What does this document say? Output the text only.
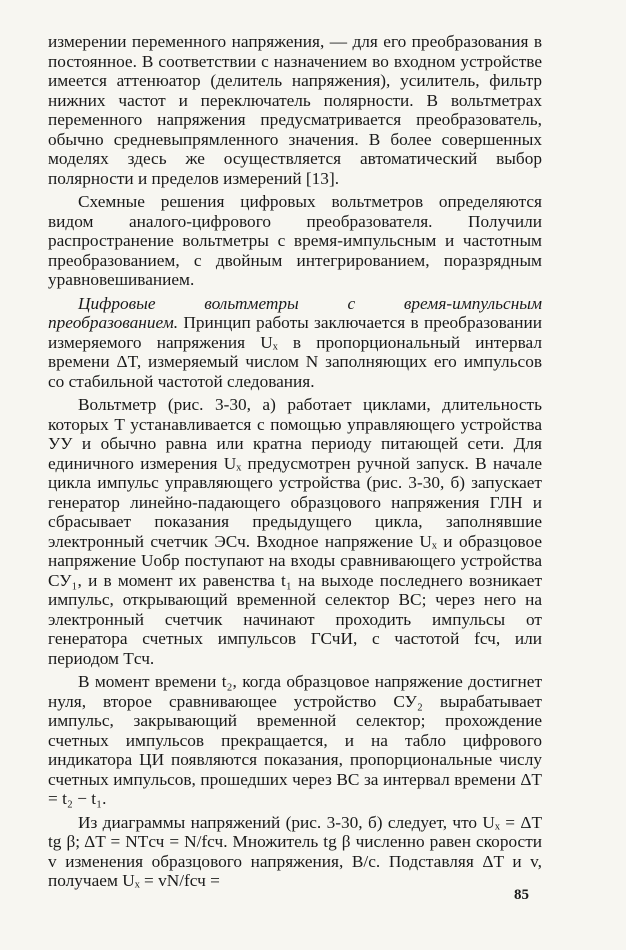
измерении переменного напряжения, — для его преобразования в постоянное. В соответствии с назначением во входном устройстве имеется аттенюатор (делитель напряжения), усилитель, фильтр нижних частот и переключатель полярности. В вольтметрах переменного напряжения предусматривается преобразователь, обычно средневыпрямленного значения. В более совершенных моделях здесь же осуществляется автоматический выбор полярности и пределов измерений [13].

Схемные решения цифровых вольтметров определяются видом аналого-цифрового преобразователя. Получили распространение вольтметры с время-импульсным и частотным преобразованием, с двойным интегрированием, поразрядным уравновешиванием.

Цифровые вольтметры с время-импульсным преобразованием. Принцип работы заключается в преобразовании измеряемого напряжения Uₓ в пропорциональный интервал времени ΔT, измеряемый числом N заполняющих его импульсов со стабильной частотой следования.

Вольтметр (рис. 3-30, а) работает циклами, длительность которых T устанавливается с помощью управляющего устройства УУ и обычно равна или кратна периоду питающей сети. Для единичного измерения Uₓ предусмотрен ручной запуск. В начале цикла импульс управляющего устройства (рис. 3-30, б) запускает генератор линейно-падающего образцового напряжения ГЛН и сбрасывает показания предыдущего цикла, заполнявшие электронный счетчик ЭСч. Входное напряжение Uₓ и образцовое напряжение Uобр поступают на входы сравнивающего устройства СУ₁, и в момент их равенства t₁ на выходе последнего возникает импульс, открывающий временной селектор ВС; через него на электронный счетчик начинают проходить импульсы от генератора счетных импульсов ГСчИ, с частотой fсч, или периодом Tсч.

В момент времени t₂, когда образцовое напряжение достигнет нуля, второе сравнивающее устройство СУ₂ вырабатывает импульс, закрывающий временной селектор; прохождение счетных импульсов прекращается, и на табло цифрового индикатора ЦИ появляются показания, пропорциональные числу счетных импульсов, прошедших через ВС за интервал времени ΔT = t₂ − t₁.

Из диаграммы напряжений (рис. 3-30, б) следует, что Uₓ = ΔT tg β; ΔT = NTсч = N/fсч. Множитель tg β численно равен скорости v изменения образцового напряжения, В/с. Подставляя ΔT и v, получаем Uₓ = vN/fсч =

85
